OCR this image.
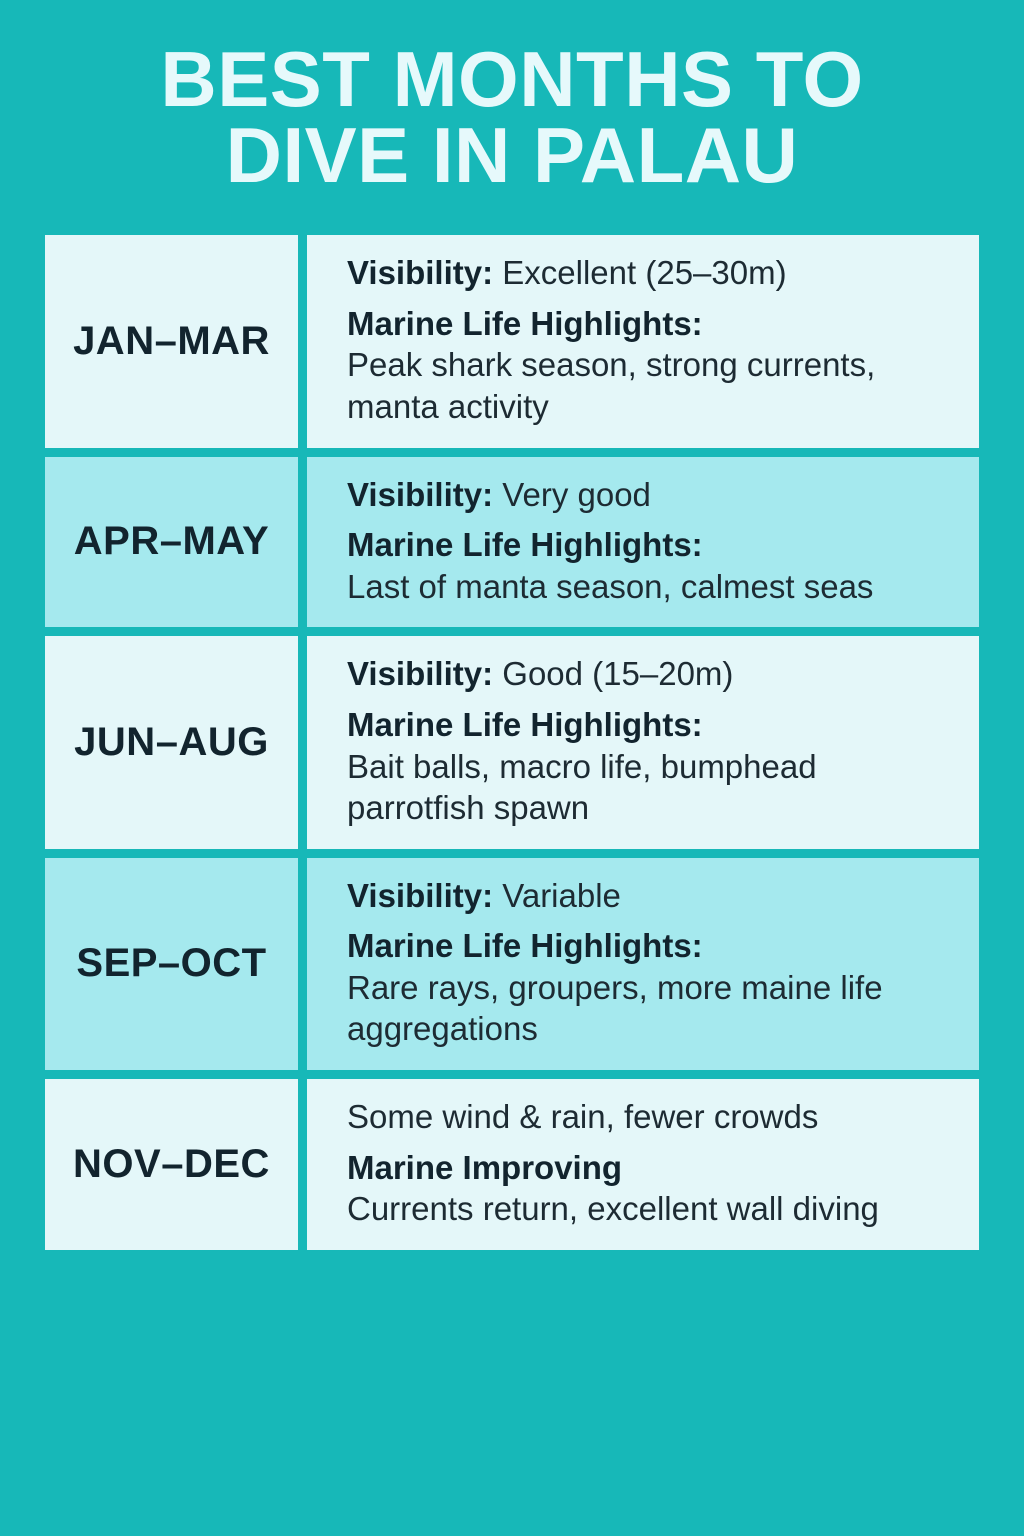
BEST MONTHS TO
DIVE IN PALAU
JAN–MAR
Visibility: Excellent (25–30m)
Marine Life Highlights:
Peak shark season, strong currents, manta activity
APR–MAY
Visibility: Very good
Marine Life Highlights:
Last of manta season, calmest seas
JUN–AUG
Visibility: Good (15–20m)
Marine Life Highlights:
Bait balls, macro life, bumphead parrotfish spawn
SEP–OCT
Visibility: Variable
Marine Life Highlights:
Rare rays, groupers, more maine life aggregations
NOV–DEC
Some wind & rain, fewer crowds
Marine Improving
Currents return, excellent wall diving
